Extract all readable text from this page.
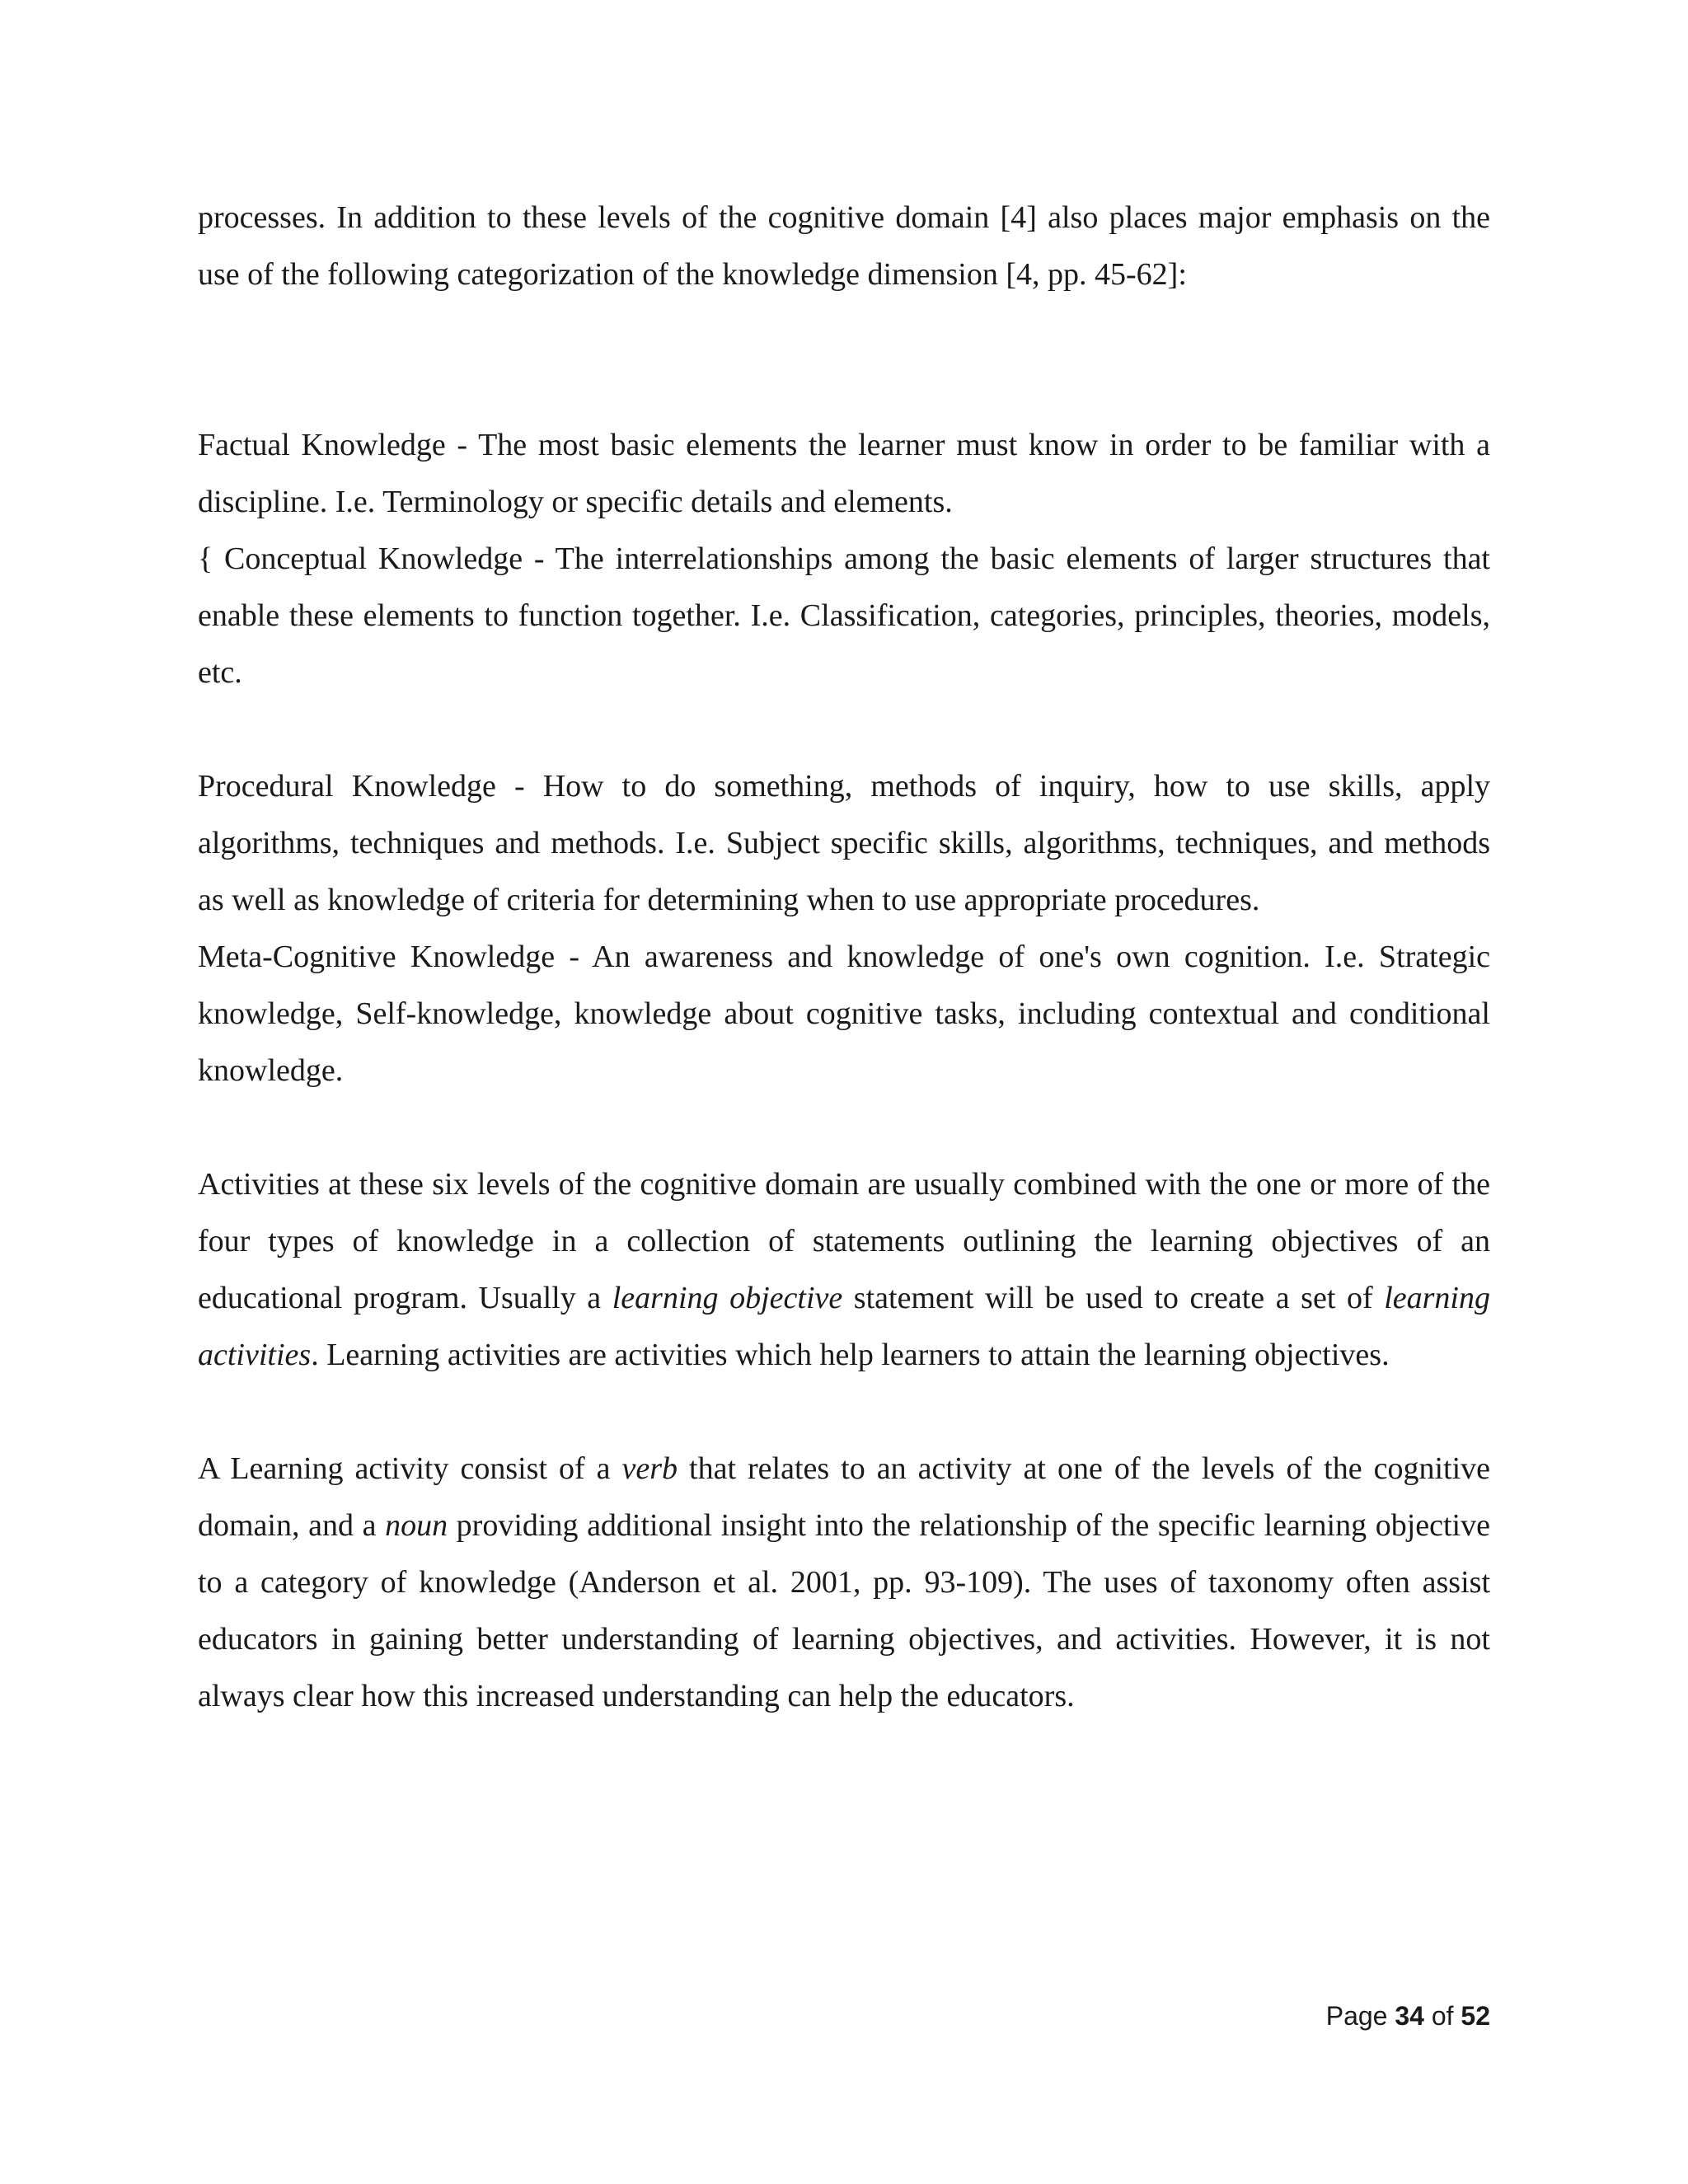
processes. In addition to these levels of the cognitive domain [4] also places major emphasis on the use of the following categorization of the knowledge dimension [4, pp. 45-62]:

Factual Knowledge - The most basic elements the learner must know in order to be familiar with a discipline. I.e. Terminology or specific details and elements.

{ Conceptual Knowledge - The interrelationships among the basic elements of larger structures that enable these elements to function together. I.e. Classification, categories, principles, theories, models, etc.

Procedural Knowledge - How to do something, methods of inquiry, how to use skills, apply algorithms, techniques and methods. I.e. Subject specific skills, algorithms, techniques, and methods as well as knowledge of criteria for determining when to use appropriate procedures.

Meta-Cognitive Knowledge - An awareness and knowledge of one's own cognition. I.e. Strategic knowledge, Self-knowledge, knowledge about cognitive tasks, including contextual and conditional knowledge.

Activities at these six levels of the cognitive domain are usually combined with the one or more of the four types of knowledge in a collection of statements outlining the learning objectives of an educational program. Usually a learning objective statement will be used to create a set of learning activities. Learning activities are activities which help learners to attain the learning objectives.

A Learning activity consist of a verb that relates to an activity at one of the levels of the cognitive domain, and a noun providing additional insight into the relationship of the specific learning objective to a category of knowledge (Anderson et al. 2001, pp. 93-109). The uses of taxonomy often assist educators in gaining better understanding of learning objectives, and activities. However, it is not always clear how this increased understanding can help the educators.

Page 34 of 52
